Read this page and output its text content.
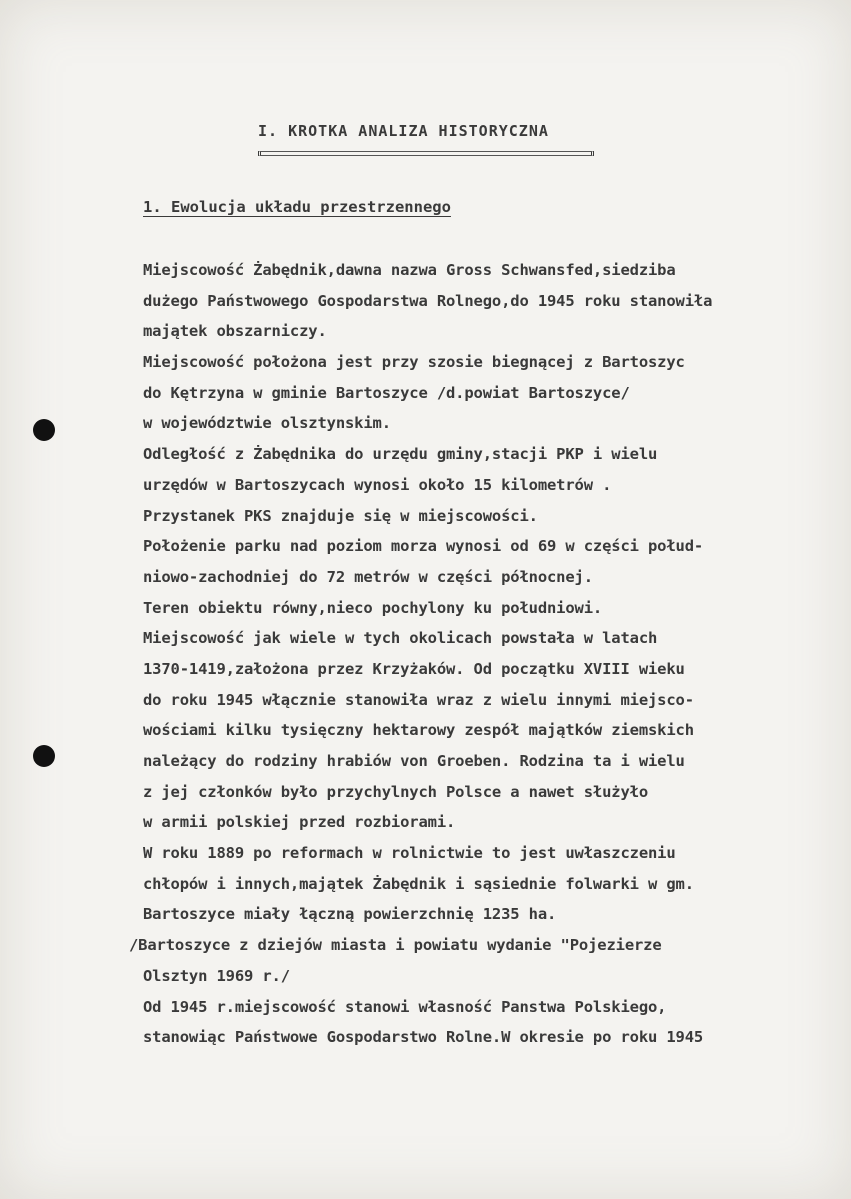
I. KROTKA ANALIZA HISTORYCZNA
1. Ewolucja układu przestrzennego
Miejscowość Żabędnik,dawna nazwa Gross Schwansfed,siedziba
dużego Państwowego Gospodarstwa Rolnego,do 1945 roku stanowiła
majątek obszarniczy.
Miejscowość położona jest przy szosie biegnącej z Bartoszyc
do Kętrzyna w gminie Bartoszyce /d.powiat Bartoszyce/
w województwie olsztynskim.
Odległość z Żabędnika do urzędu gminy,stacji PKP i wielu
urzędów w Bartoszycach wynosi około 15 kilometrów .
Przystanek PKS znajduje się w miejscowości.
Położenie parku nad poziom morza wynosi od 69 w części połud-
niowo-zachodniej do 72 metrów w części północnej.
Teren obiektu równy,nieco pochylony ku południowi.
Miejscowość jak wiele w tych okolicach powstała w latach
1370-1419,założona przez Krzyżaków. Od początku XVIII wieku
do roku 1945 włącznie stanowiła wraz z wielu innymi miejsco-
wościami kilku tysięczny hektarowy zespół majątków ziemskich
należący do rodziny hrabiów von Groeben. Rodzina ta i wielu
z jej członków było przychylnych Polsce a nawet służyło
w armii polskiej przed rozbiorami.
W roku 1889 po reformach w rolnictwie to jest uwłaszczeniu
chłopów i innych,majątek Żabędnik i sąsiednie folwarki w gm.
Bartoszyce miały łączną powierzchnię 1235 ha.
/Bartoszyce z dziejów miasta i powiatu wydanie "Pojezierze
Olsztyn 1969 r./
Od 1945 r.miejscowość stanowi własność Panstwa Polskiego,
stanowiąc Państwowe Gospodarstwo Rolne.W okresie po roku 1945
